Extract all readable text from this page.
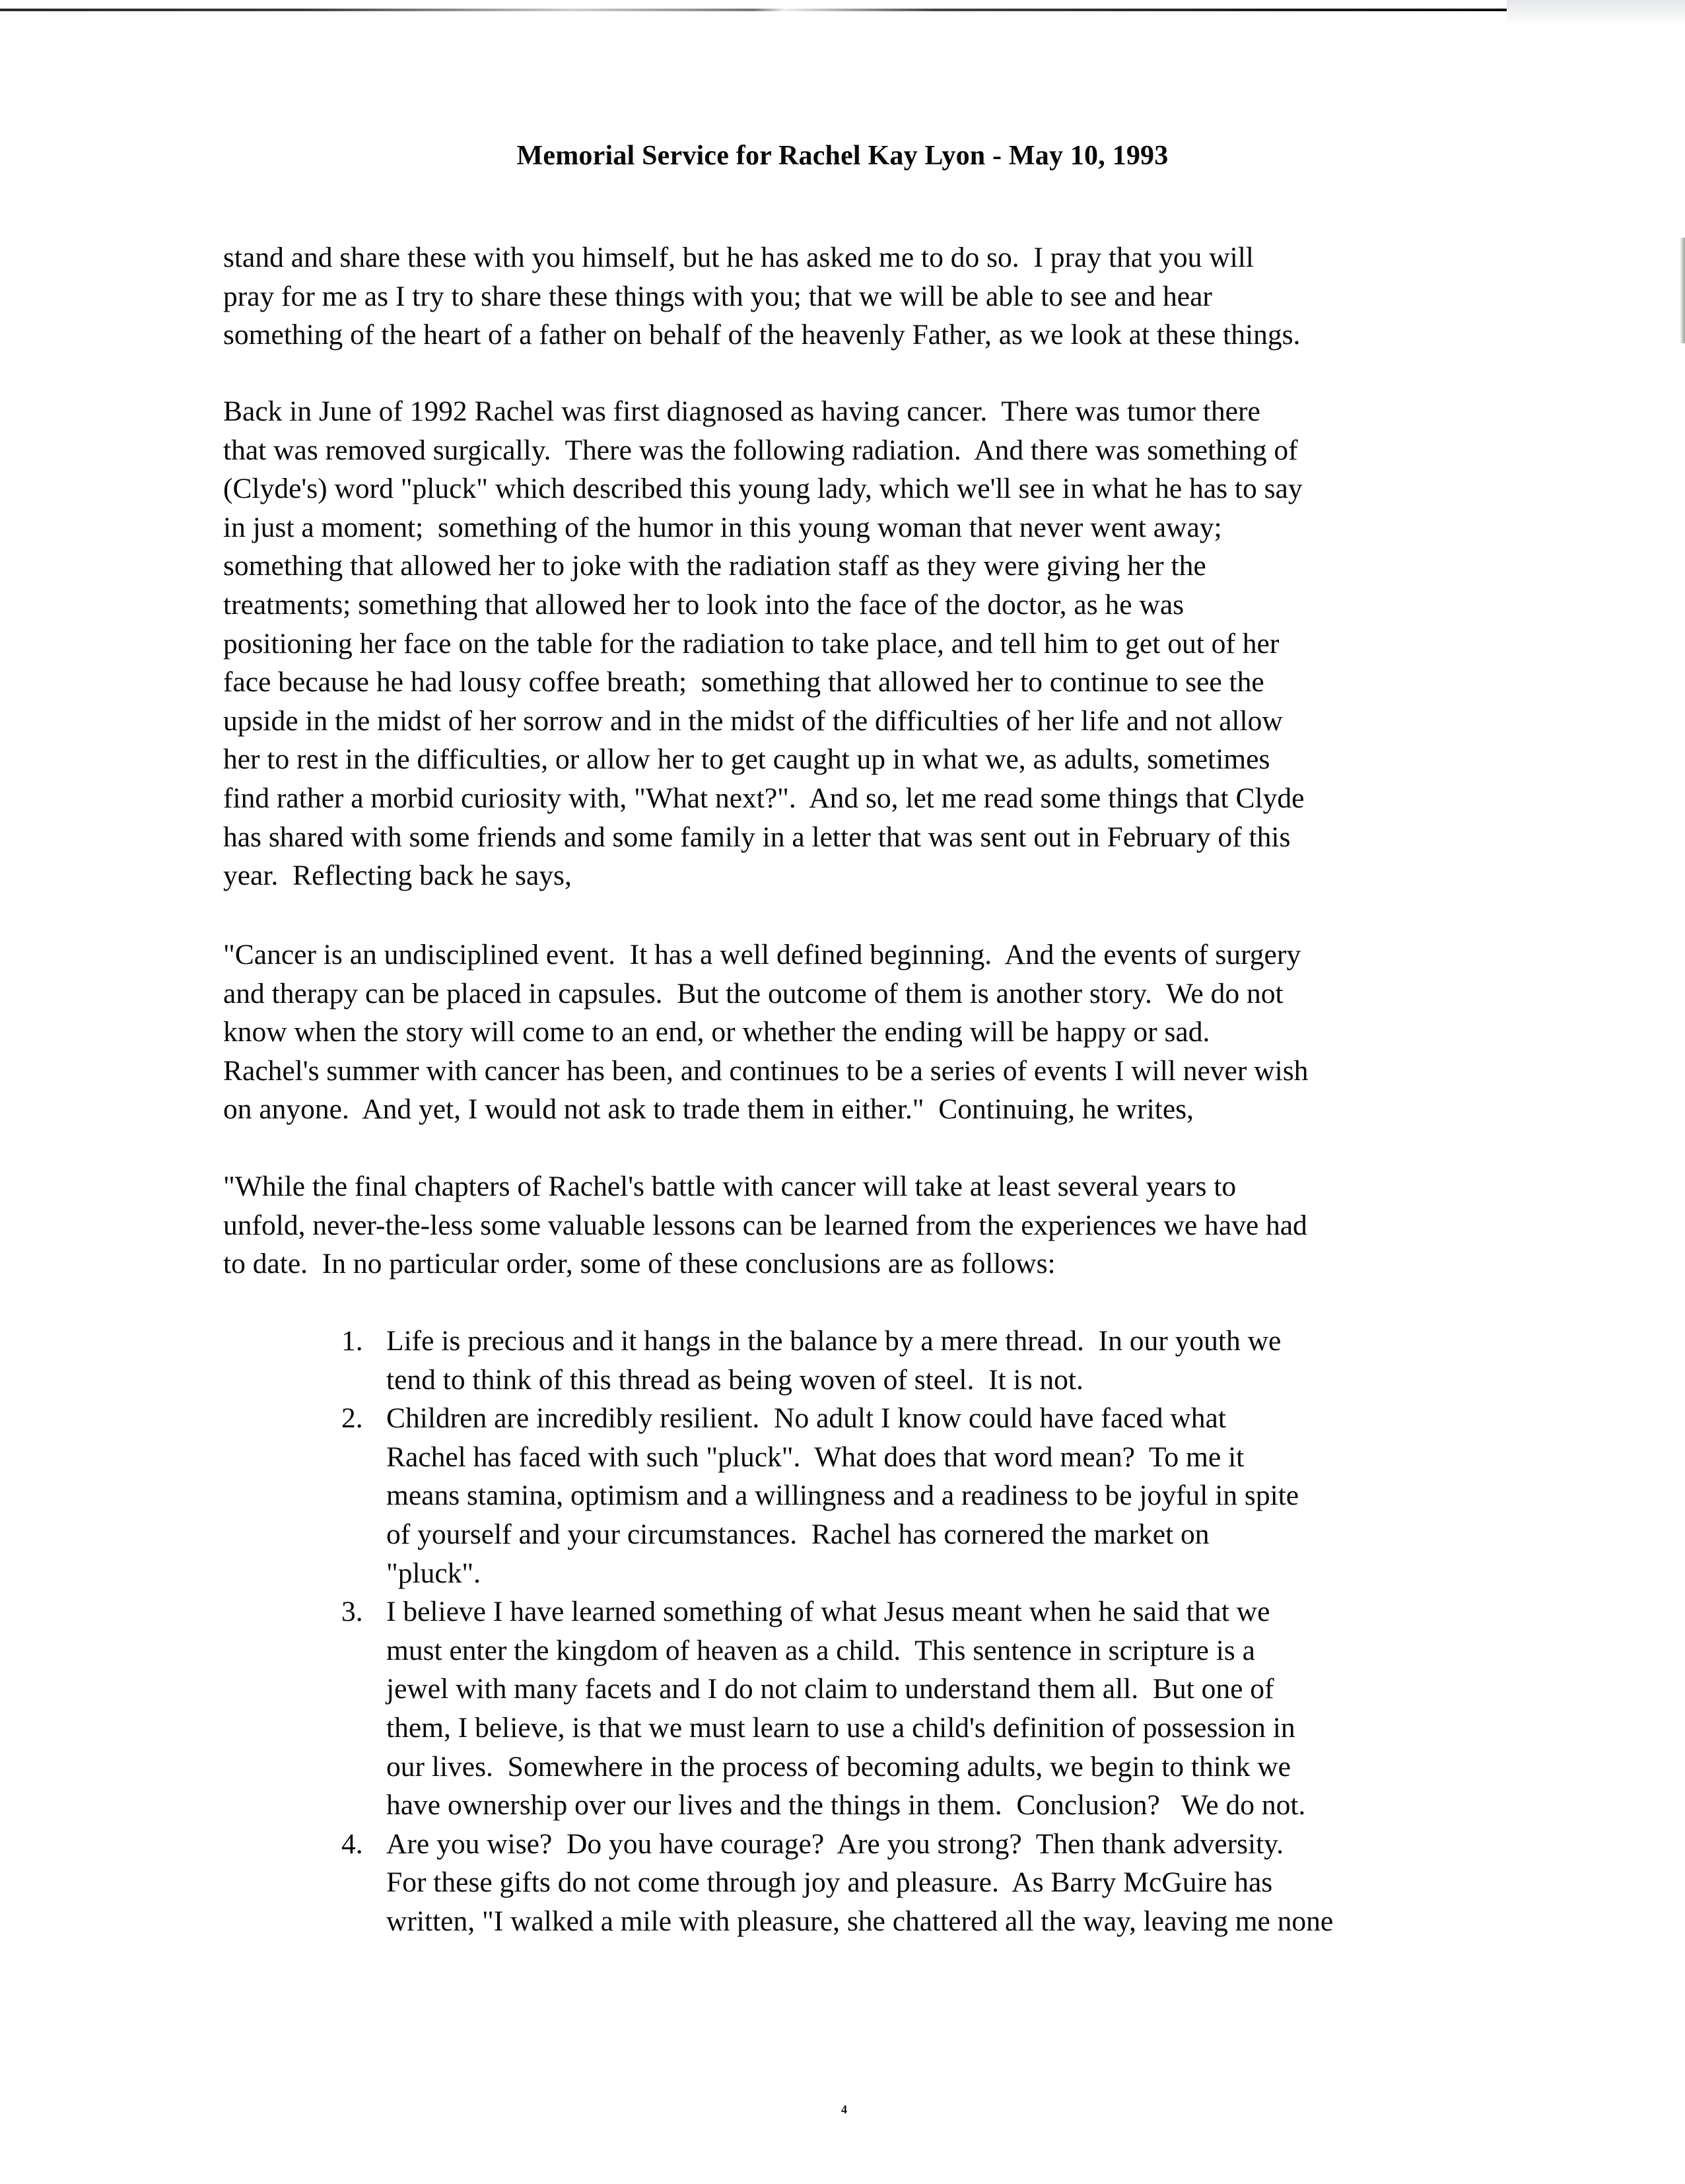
Memorial Service for Rachel Kay Lyon - May 10, 1993
stand and share these with you himself, but he has asked me to do so.  I pray that you will
pray for me as I try to share these things with you; that we will be able to see and hear
something of the heart of a father on behalf of the heavenly Father, as we look at these things.
Back in June of 1992 Rachel was first diagnosed as having cancer.  There was tumor there
that was removed surgically.  There was the following radiation.  And there was something of
(Clyde's) word "pluck" which described this young lady, which we'll see in what he has to say
in just a moment;  something of the humor in this young woman that never went away;
something that allowed her to joke with the radiation staff as they were giving her the
treatments; something that allowed her to look into the face of the doctor, as he was
positioning her face on the table for the radiation to take place, and tell him to get out of her
face because he had lousy coffee breath;  something that allowed her to continue to see the
upside in the midst of her sorrow and in the midst of the difficulties of her life and not allow
her to rest in the difficulties, or allow her to get caught up in what we, as adults, sometimes
find rather a morbid curiosity with, "What next?".  And so, let me read some things that Clyde
has shared with some friends and some family in a letter that was sent out in February of this
year.  Reflecting back he says,
"Cancer is an undisciplined event.  It has a well defined beginning.  And the events of surgery
and therapy can be placed in capsules.  But the outcome of them is another story.  We do not
know when the story will come to an end, or whether the ending will be happy or sad.
Rachel's summer with cancer has been, and continues to be a series of events I will never wish
on anyone.  And yet, I would not ask to trade them in either."  Continuing, he writes,
"While the final chapters of Rachel's battle with cancer will take at least several years to
unfold, never-the-less some valuable lessons can be learned from the experiences we have had
to date.  In no particular order, some of these conclusions are as follows:
1. Life is precious and it hangs in the balance by a mere thread.  In our youth we
tend to think of this thread as being woven of steel.  It is not.
2. Children are incredibly resilient.  No adult I know could have faced what
Rachel has faced with such "pluck".  What does that word mean?  To me it
means stamina, optimism and a willingness and a readiness to be joyful in spite
of yourself and your circumstances.  Rachel has cornered the market on
"pluck".
3. I believe I have learned something of what Jesus meant when he said that we
must enter the kingdom of heaven as a child.  This sentence in scripture is a
jewel with many facets and I do not claim to understand them all.  But one of
them, I believe, is that we must learn to use a child's definition of possession in
our lives.  Somewhere in the process of becoming adults, we begin to think we
have ownership over our lives and the things in them.  Conclusion?   We do not.
4. Are you wise?  Do you have courage?  Are you strong?  Then thank adversity.
For these gifts do not come through joy and pleasure.  As Barry McGuire has
written, "I walked a mile with pleasure, she chattered all the way, leaving me none
4
